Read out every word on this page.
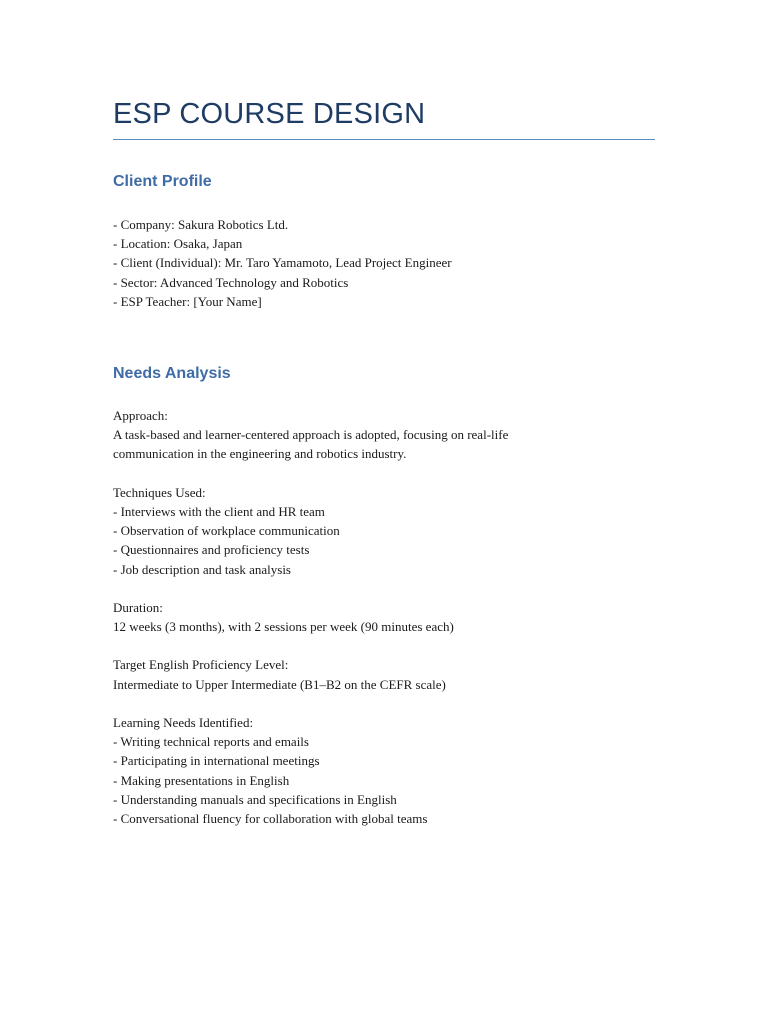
ESP COURSE DESIGN
Client Profile
- Company: Sakura Robotics Ltd.
- Location: Osaka, Japan
- Client (Individual): Mr. Taro Yamamoto, Lead Project Engineer
- Sector: Advanced Technology and Robotics
- ESP Teacher: [Your Name]
Needs Analysis
Approach:
A task-based and learner-centered approach is adopted, focusing on real-life
communication in the engineering and robotics industry.
Techniques Used:
- Interviews with the client and HR team
- Observation of workplace communication
- Questionnaires and proficiency tests
- Job description and task analysis
Duration:
12 weeks (3 months), with 2 sessions per week (90 minutes each)
Target English Proficiency Level:
Intermediate to Upper Intermediate (B1–B2 on the CEFR scale)
Learning Needs Identified:
- Writing technical reports and emails
- Participating in international meetings
- Making presentations in English
- Understanding manuals and specifications in English
- Conversational fluency for collaboration with global teams
